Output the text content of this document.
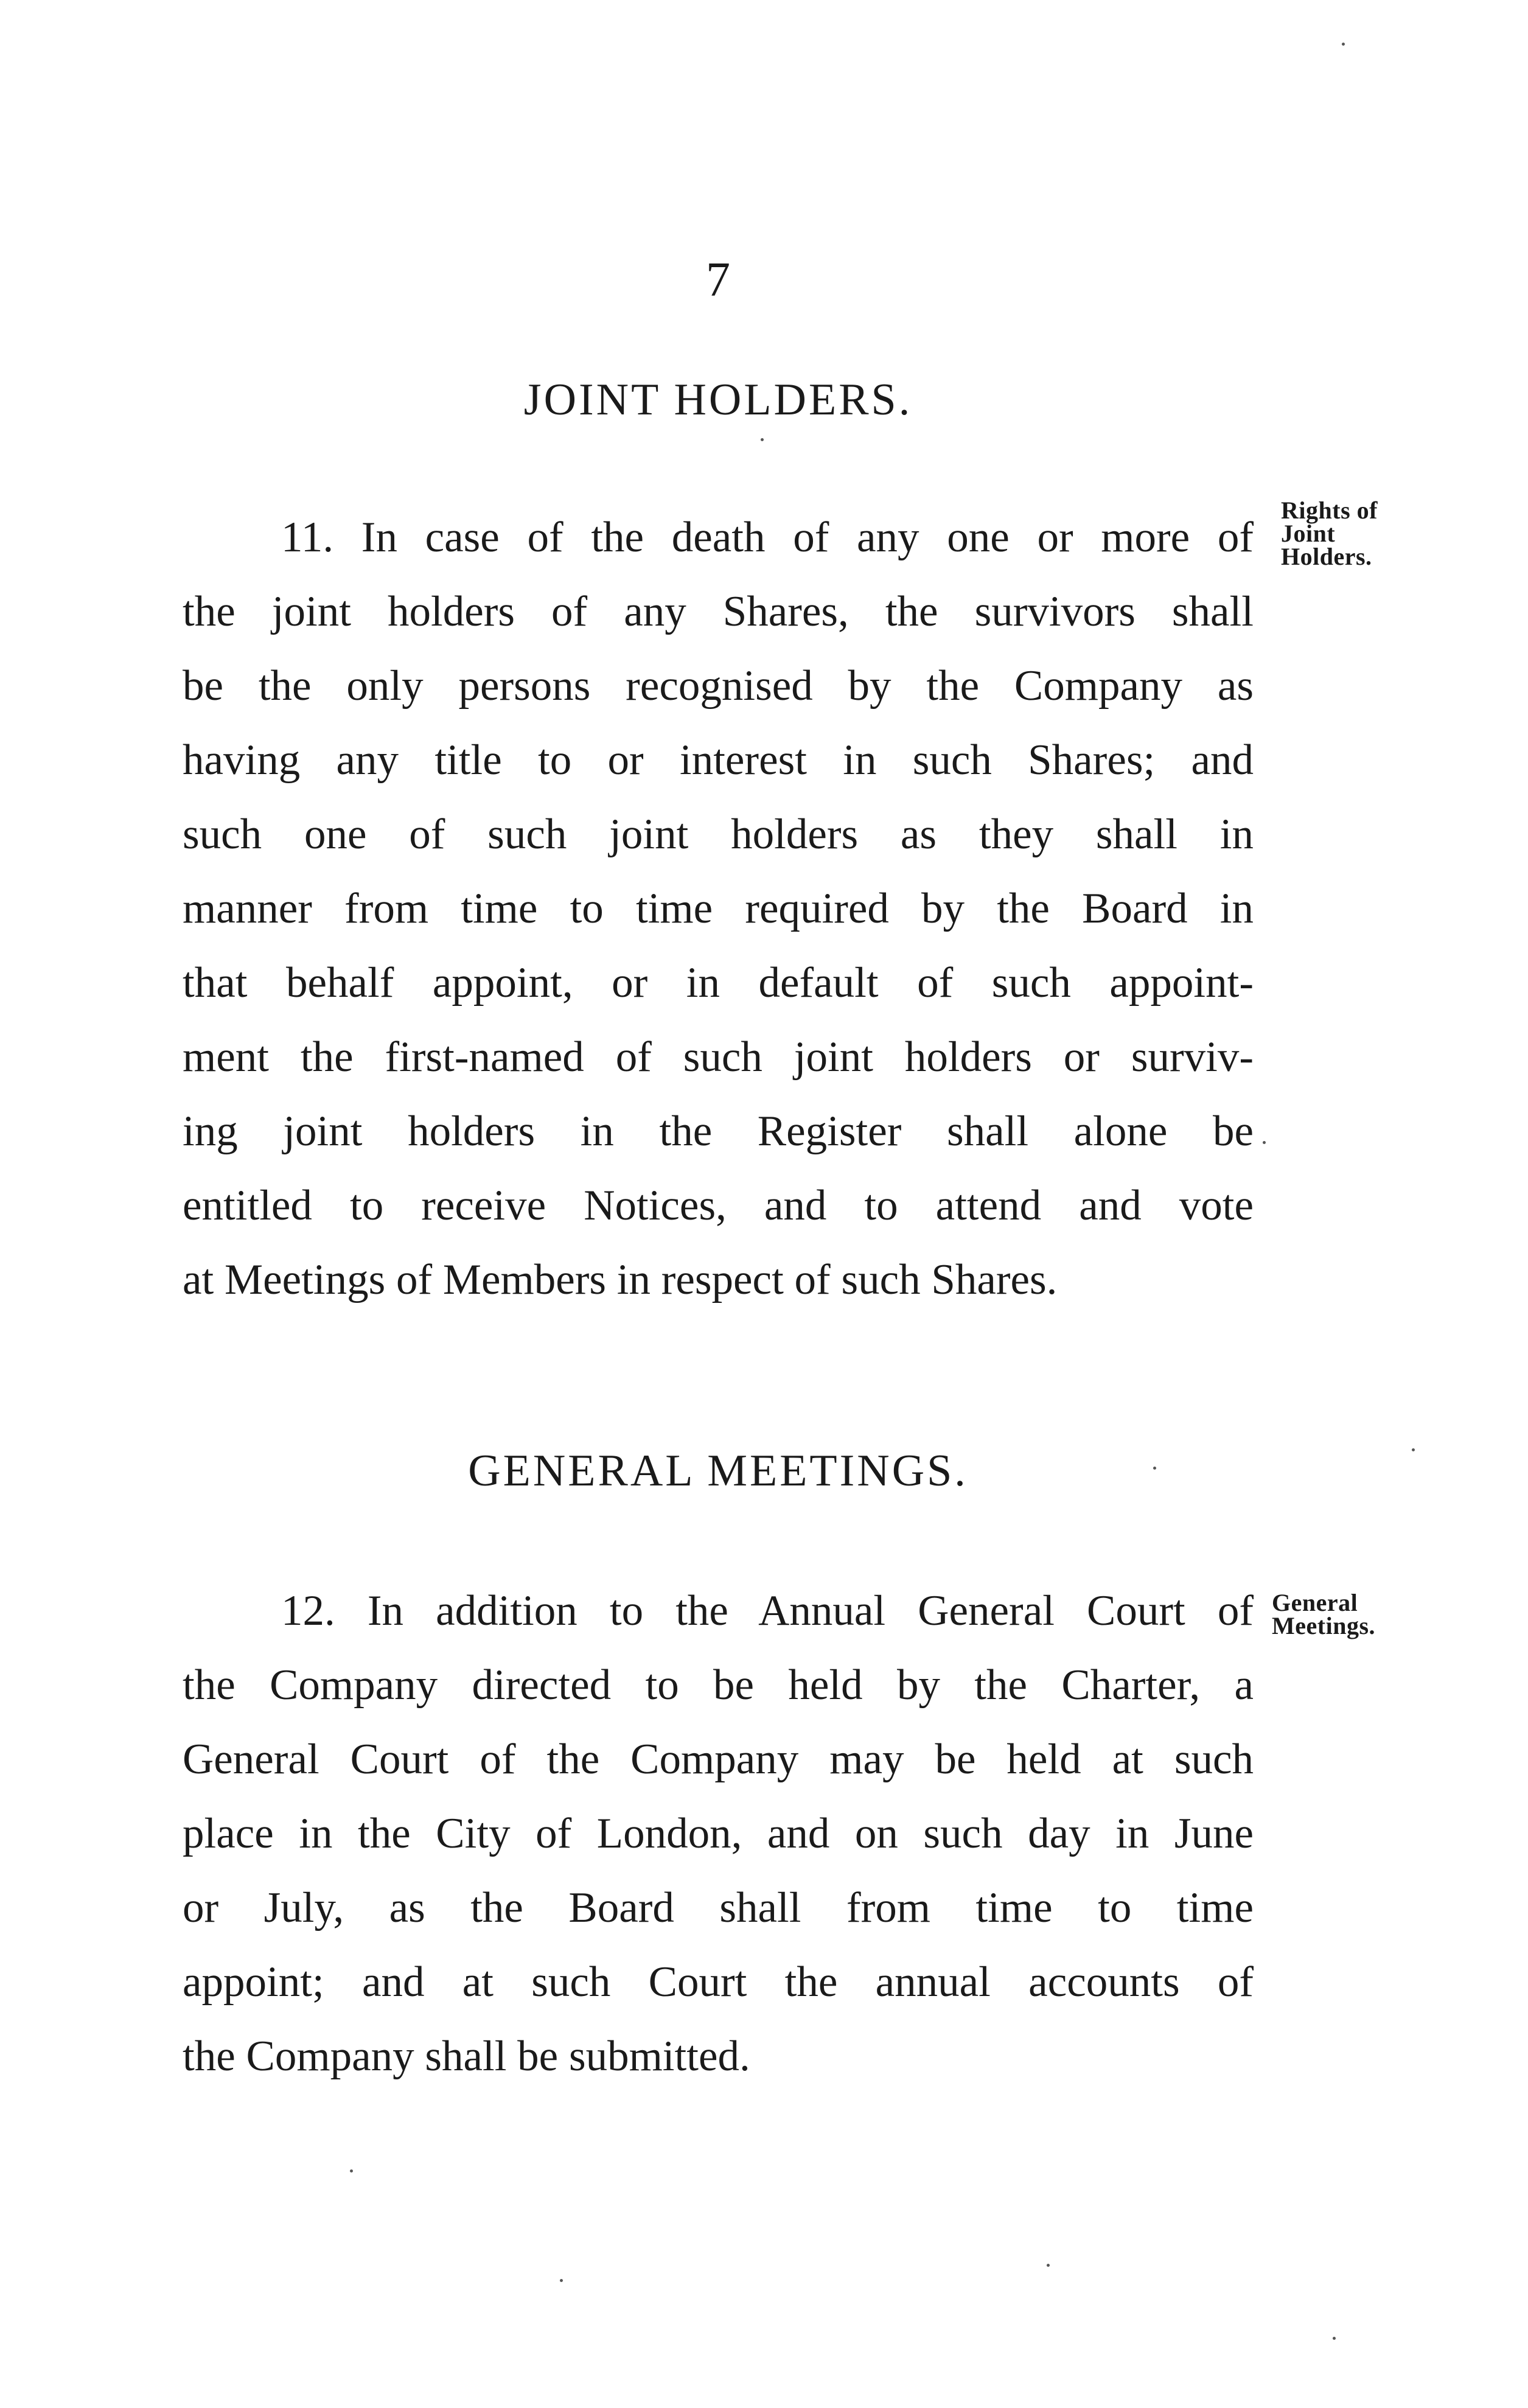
7
JOINT HOLDERS.
Rights of
Joint
Holders.
11. In case of the death of any one or more of
the joint holders of any Shares, the survivors shall
be the only persons recognised by the Company as
having any title to or interest in such Shares; and
such one of such joint holders as they shall in
manner from time to time required by the Board in
that behalf appoint, or in default of such appoint-
ment the first-named of such joint holders or surviv-
ing joint holders in the Register shall alone be
entitled to receive Notices, and to attend and vote
at Meetings of Members in respect of such Shares.
GENERAL MEETINGS.
General
Meetings.
12. In addition to the Annual General Court of
the Company directed to be held by the Charter, a
General Court of the Company may be held at such
place in the City of London, and on such day in June
or July, as the Board shall from time to time
appoint; and at such Court the annual accounts of
the Company shall be submitted.
